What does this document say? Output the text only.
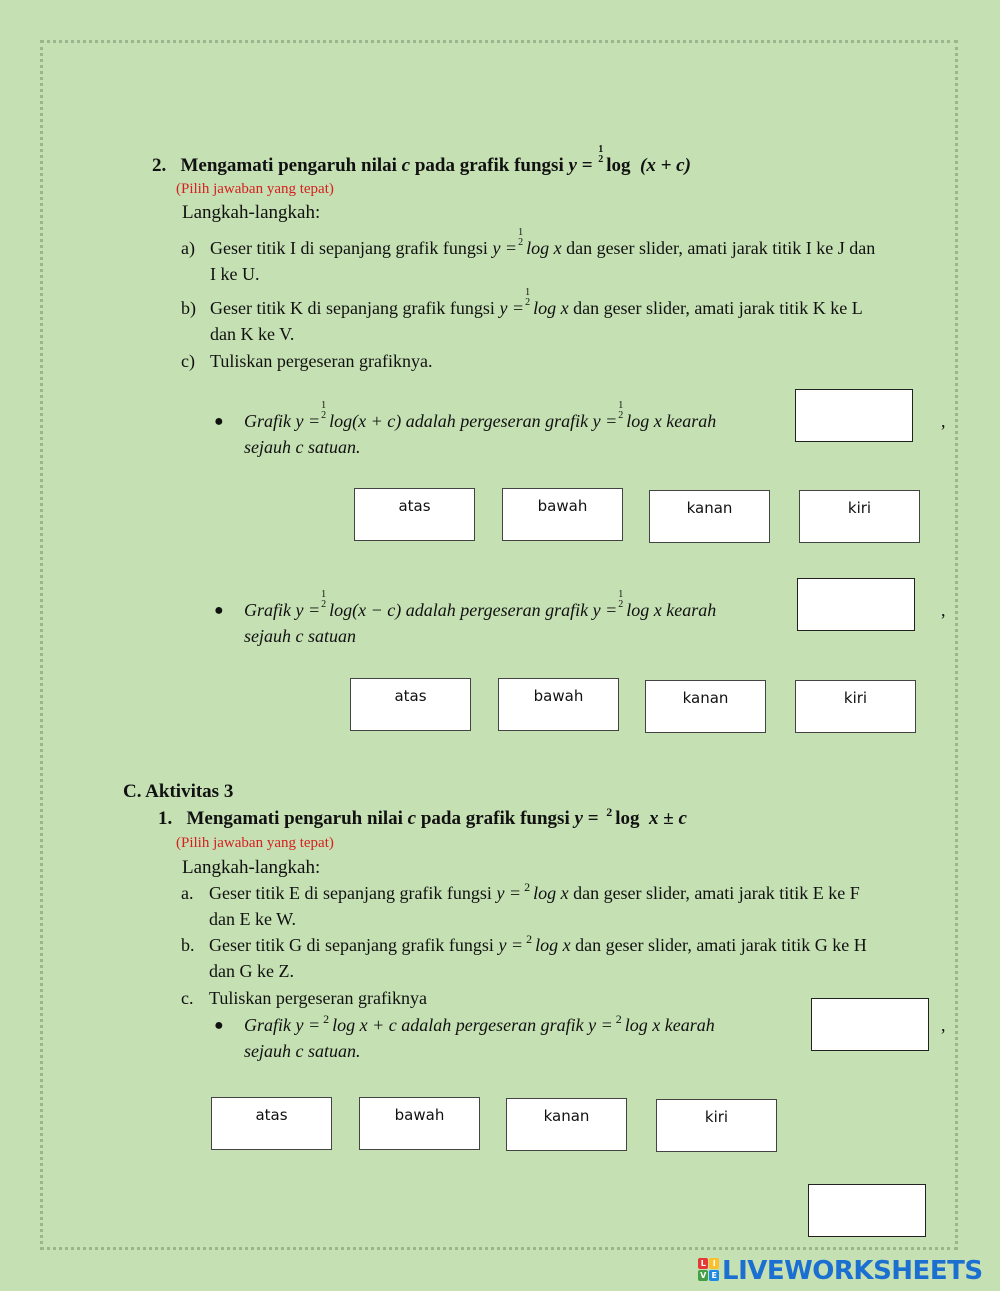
2. Mengamati pengaruh nilai c pada grafik fungsi y =
1
2 log (x + c)
(Pilih jawaban yang tepat)
Langkah-langkah:
a) Geser titik I di sepanjang grafik fungsi y =
1
2 log x dan geser slider, amati jarak titik I ke J dan
I ke U.
b) Geser titik K di sepanjang grafik fungsi y =
1
2 log x dan geser slider, amati jarak titik K ke L
dan K ke V.
c) Tuliskan pergeseran grafiknya.
● Grafik y =
1
2 log(x + c) adalah pergeseran grafik y =
1
2 log x kearah	,
sejauh c satuan.
atas	bawah	kanan	kiri
● Grafik y =
1
2 log(x − c) adalah pergeseran grafik y =
1
2 log x kearah	,
sejauh c satuan
atas	bawah	kanan	kiri
C. Aktivitas 3
1. Mengamati pengaruh nilai c pada grafik fungsi y = $^2$ log x ± c
(Pilih jawaban yang tepat)
Langkah-langkah:
a. Geser titik E di sepanjang grafik fungsi y = $^2$ log x dan geser slider, amati jarak titik E ke F
dan E ke W.
b. Geser titik G di sepanjang grafik fungsi y = $^2$ log x dan geser slider, amati jarak titik G ke H
dan G ke Z.
c. Tuliskan pergeseran grafiknya
● Grafik y = $^2$ log x + c adalah pergeseran grafik y = $^2$ log x kearah	,
sejauh c satuan.
atas	bawah	kanan	kiri
L I
V E LIVEWORKSHEETS
